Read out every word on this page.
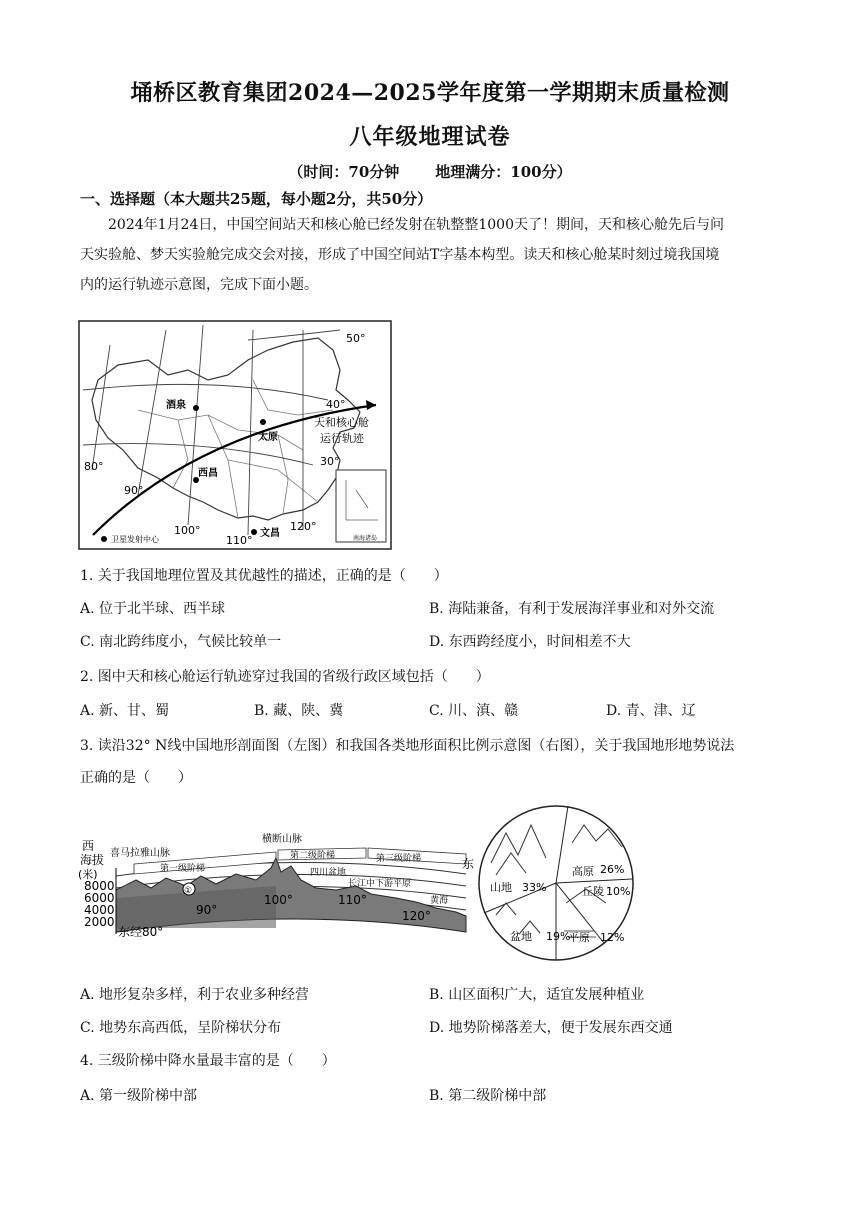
埇桥区教育集团2024—2025学年度第一学期期末质量检测
八年级地理试卷
（时间：70分钟 地理满分：100分）
一、选择题（本大题共25题，每小题2分，共50分）
2024年1月24日，中国空间站天和核心舱已经发射在轨整整1000天了！期间，天和核心舱先后与问
天实验舱、梦天实验舱完成交会对接，形成了中国空间站T字基本构型。读天和核心舱某时刻过境我国境
内的运行轨迹示意图，完成下面小题。
50°
40°
30°
80°
90°
100°
110°
120°
酒泉
太原
西昌
文昌
天和核心舱
运行轨迹
卫星发射中心	南海诸岛
1. 关于我国地理位置及其优越性的描述，正确的是（　　）
A. 位于北半球、西半球	B. 海陆兼备，有利于发展海洋事业和对外交流
C. 南北跨纬度小，气候比较单一	D. 东西跨经度小，时间相差不大
2. 图中天和核心舱运行轨迹穿过我国的省级行政区域包括（　　）
A. 新、甘、蜀	B. 藏、陕、冀	C. 川、滇、赣	D. 青、津、辽
3. 读沿32° N线中国地形剖面图（左图）和我国各类地形面积比例示意图（右图），关于我国地形地势说法
正确的是（　　）
西
海拔
(米)
东
喜马拉雅山脉
横断山脉
第一级阶梯
第二级阶梯	第三级阶梯
四川盆地
长江中下游平原
黄海
①
8000
6000
4000
2000
东经80°
90°
100°	110°
120°
山地 33%
高原 26%
丘陵 10%
盆地 19%
平原 12%
A. 地形复杂多样，利于农业多种经营	B. 山区面积广大，适宜发展种植业
C. 地势东高西低，呈阶梯状分布	D. 地势阶梯落差大，便于发展东西交通
4. 三级阶梯中降水量最丰富的是（　　）
A. 第一级阶梯中部	B. 第二级阶梯中部
